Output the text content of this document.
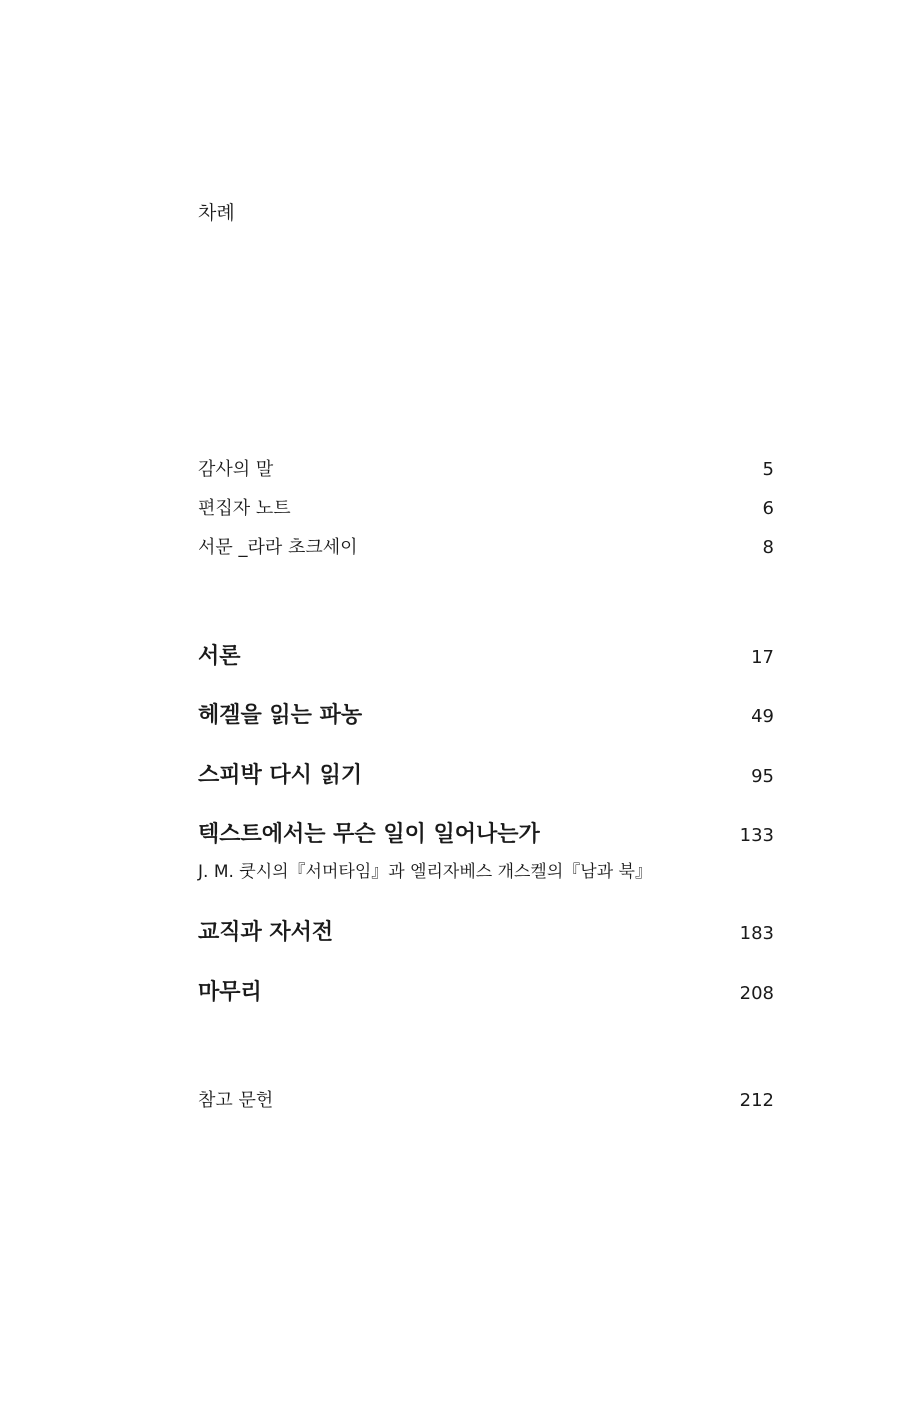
차례
감사의 말	5
편집자 노트	6
서문 _라라 초크세이	8
서론	17
헤겔을 읽는 파농	49
스피박 다시 읽기	95
텍스트에서는 무슨 일이 일어나는가	133
J. M. 쿳시의『서머타임』과 엘리자베스 개스켈의『남과 북』
교직과 자서전	183
마무리	208
참고 문헌	212
